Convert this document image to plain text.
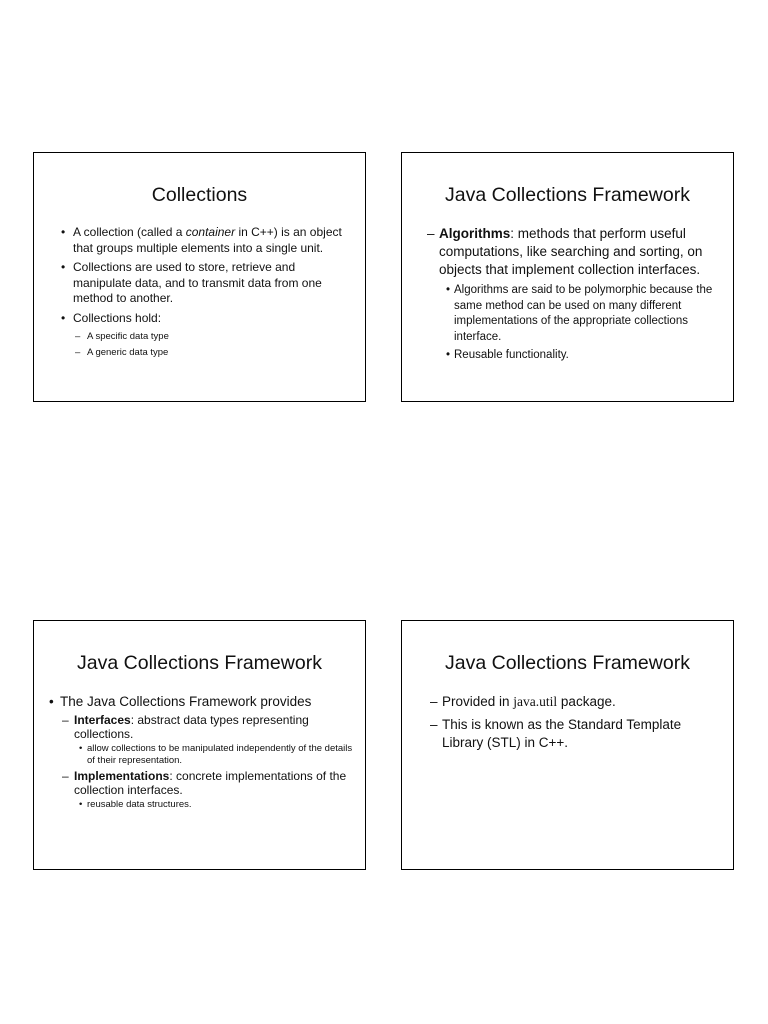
Collections
• A collection (called a container in C++) is an object that groups multiple elements into a single unit.

• Collections are used to store, retrieve and manipulate data, and to transmit data from one method to another.

• Collections hold:

– A specific data type

– A generic data type

Java Collections Framework
– Algorithms: methods that perform useful computations, like searching and sorting, on objects that implement collection interfaces.

• Algorithms are said to be polymorphic because the same method can be used on many different implementations of the appropriate collections interface.

• Reusable functionality.

Java Collections Framework
• The Java Collections Framework provides

– Interfaces: abstract data types representing collections.

• allow collections to be manipulated independently of the details of their representation.

– Implementations: concrete implementations of the collection interfaces.

• reusable data structures.

Java Collections Framework
– Provided in java.util package.

– This is known as the Standard Template Library (STL) in C++.
